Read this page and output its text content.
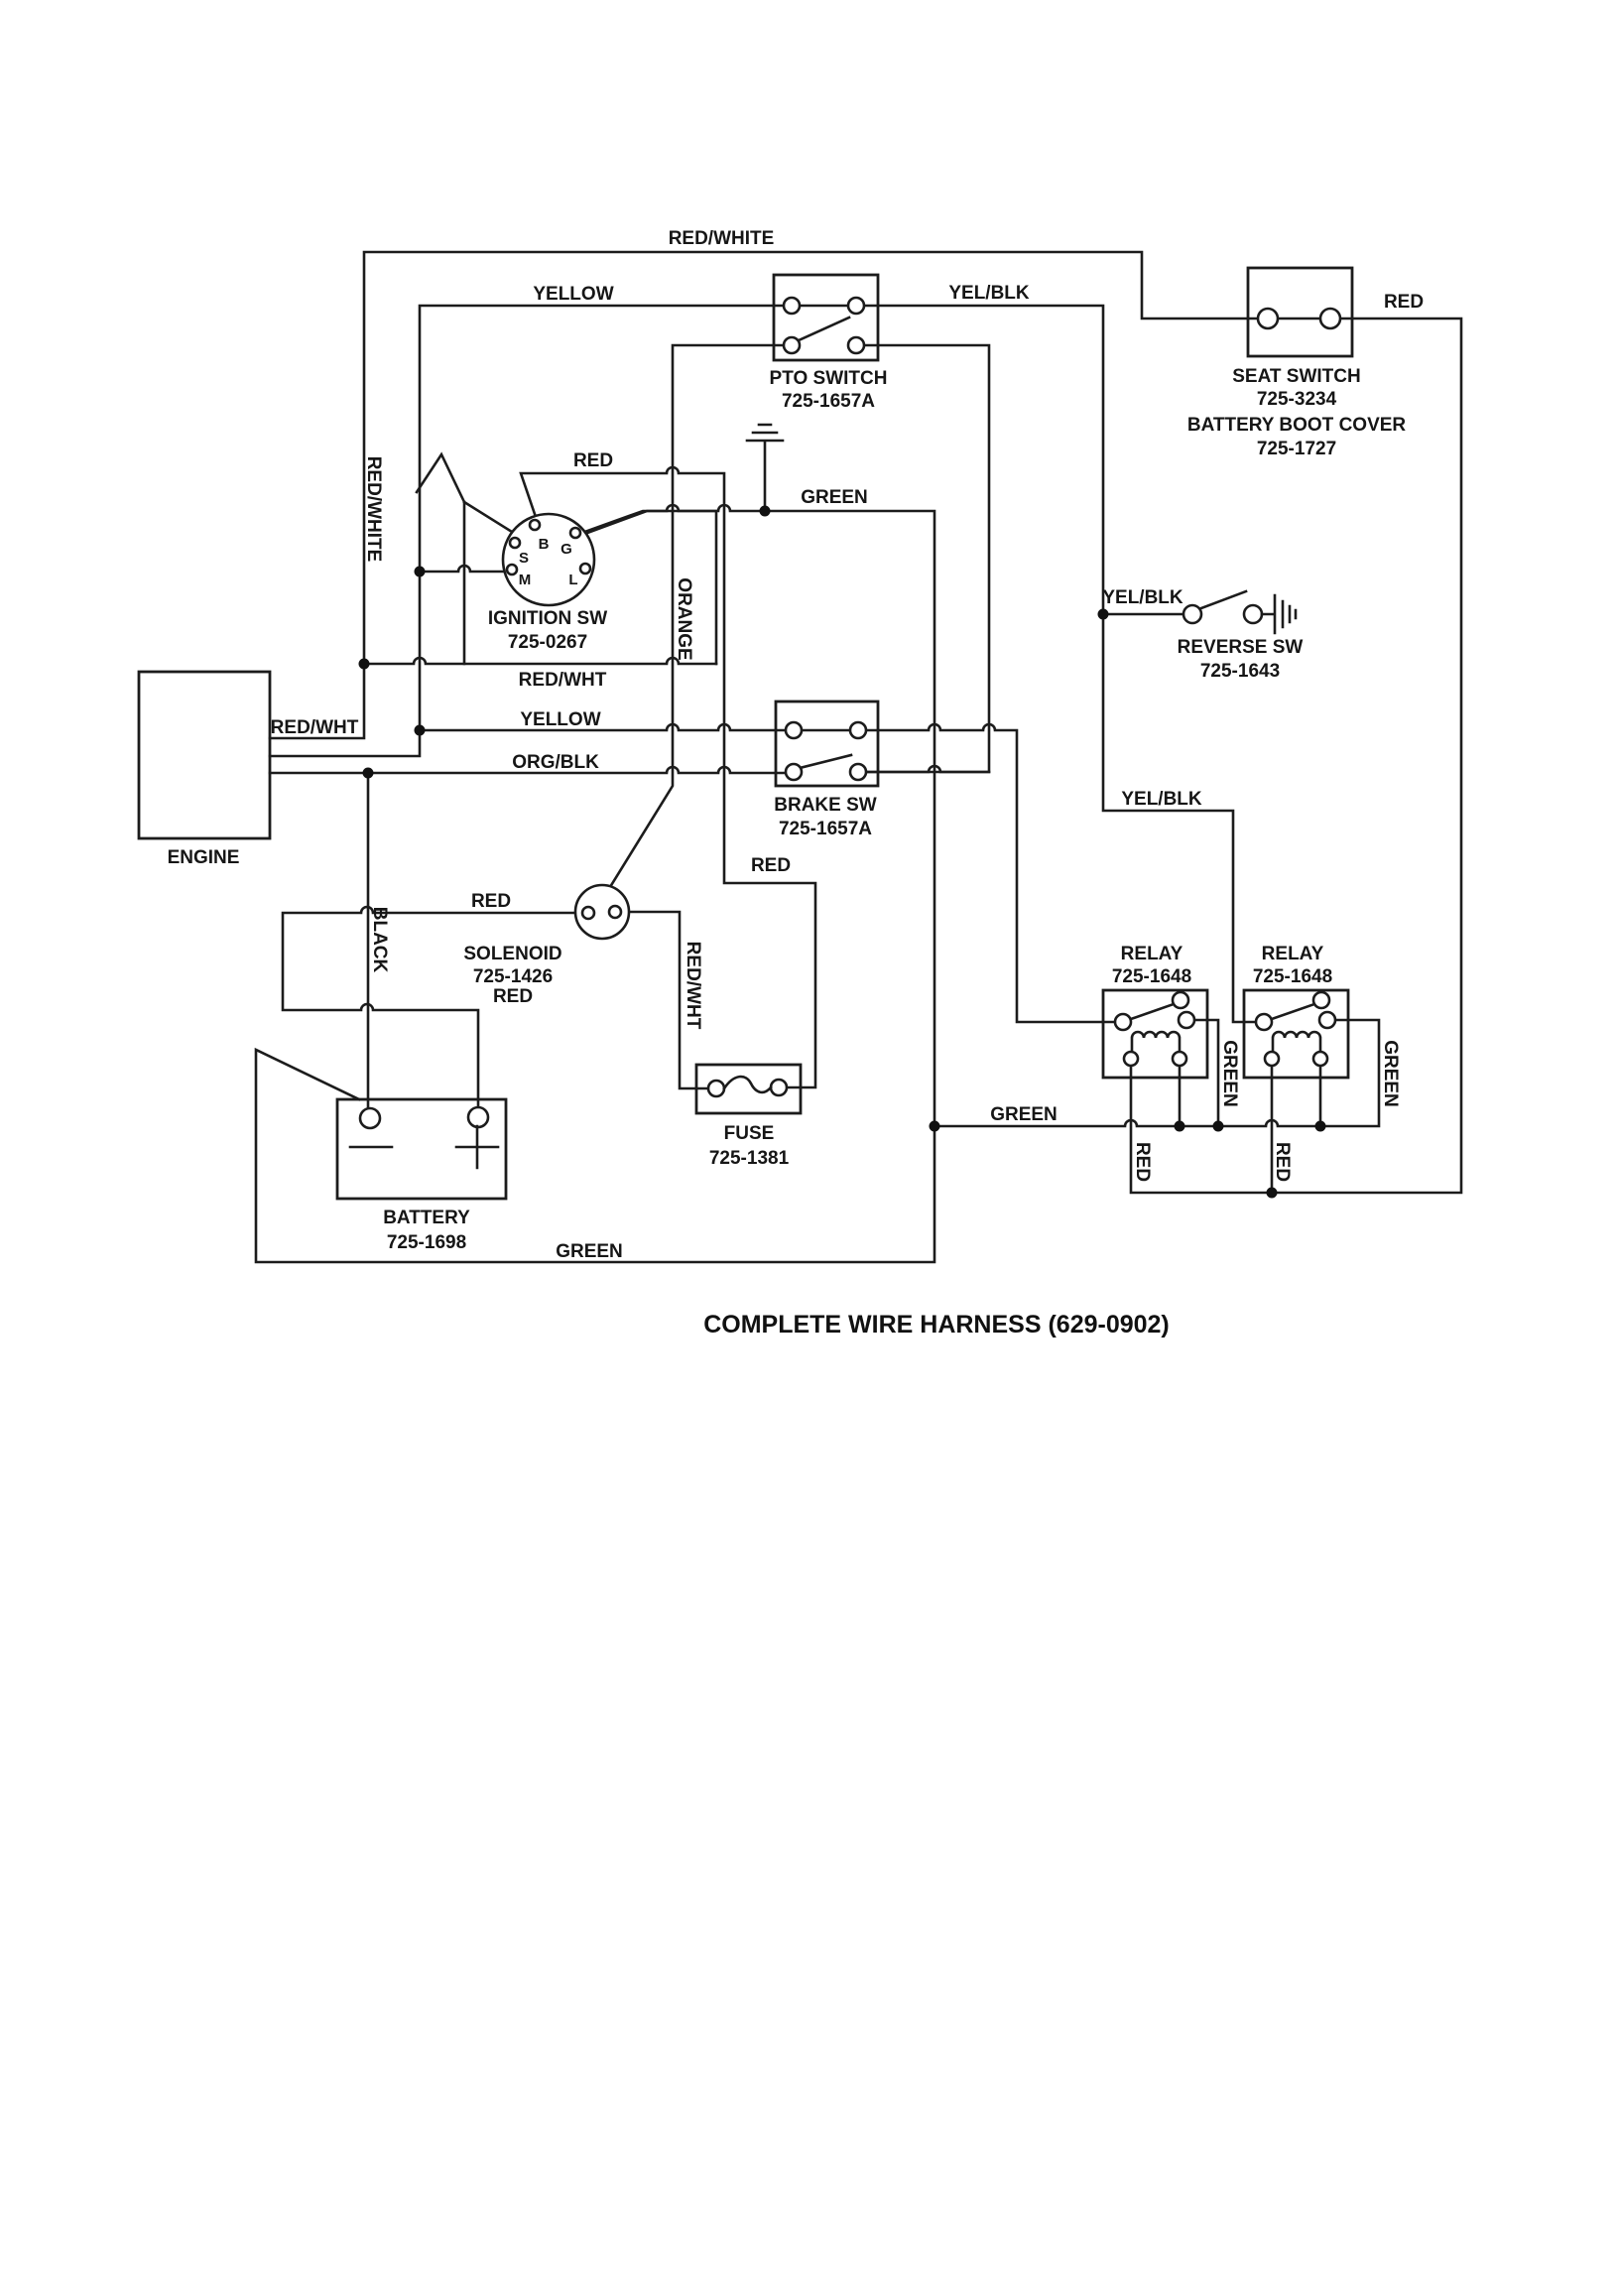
B G
S
M	L
RED/WHITE
YELLOW	YEL/BLK	RED
RED/WHITE	RED
GREEN
RED/WHT
YELLOW
ORG/BLK
RED/WHT
ORANGE	YEL/BLK
YEL/BLK
BLACK
RED
RED	RED/WHT
RED
GREEN
GREEN	GREEN
RED	RED
GREEN
ENGINE
IGNITION SW
725-0267
PTO SWITCH
725-1657A
SEAT SWITCH
725-3234
BATTERY BOOT COVER
725-1727
REVERSE SW
725-1643
BRAKE SW
725-1657A
SOLENOID
725-1426
FUSE
725-1381
RELAY
725-1648
RELAY
725-1648
BATTERY
725-1698
COMPLETE WIRE HARNESS (629-0902)
